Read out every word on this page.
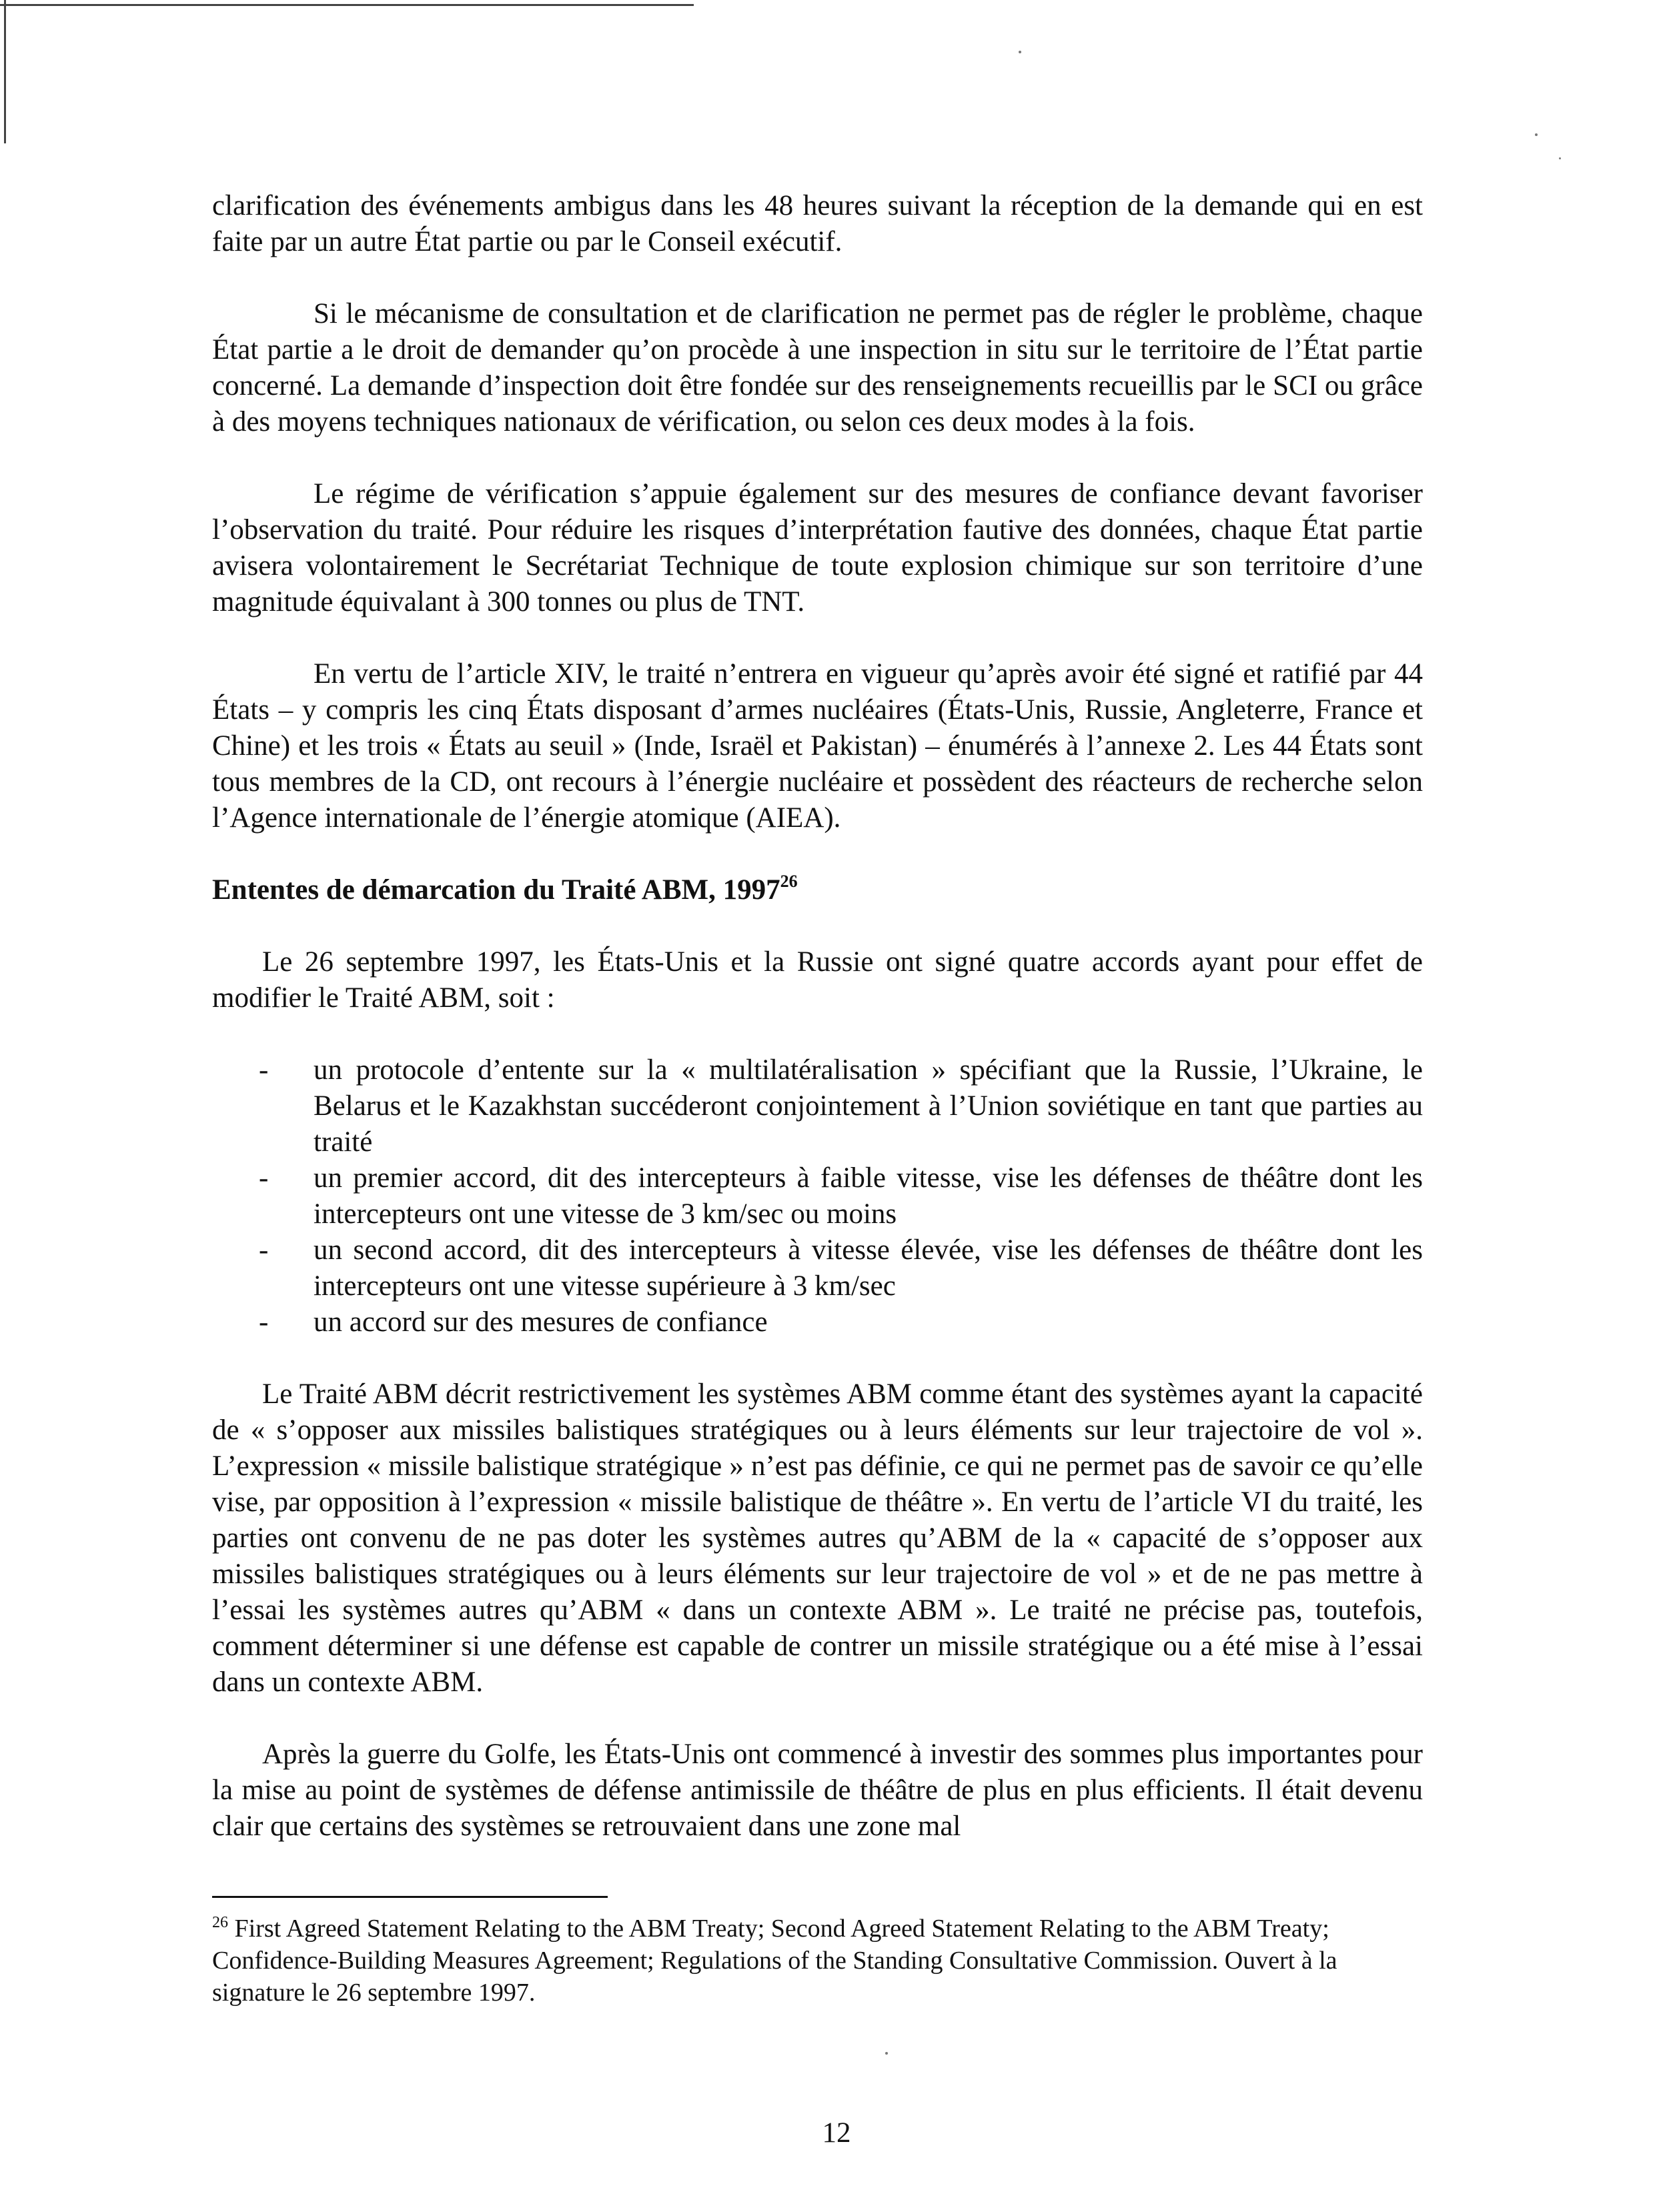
clarification des événements ambigus dans les 48 heures suivant la réception de la demande qui en est faite par un autre État partie ou par le Conseil exécutif.

Si le mécanisme de consultation et de clarification ne permet pas de régler le problème, chaque État partie a le droit de demander qu’on procède à une inspection in situ sur le territoire de l’État partie concerné. La demande d’inspection doit être fondée sur des renseignements recueillis par le SCI ou grâce à des moyens techniques nationaux de vérification, ou selon ces deux modes à la fois.

Le régime de vérification s’appuie également sur des mesures de confiance devant favoriser l’observation du traité. Pour réduire les risques d’interprétation fautive des données, chaque État partie avisera volontairement le Secrétariat Technique de toute explosion chimique sur son territoire d’une magnitude équivalant à 300 tonnes ou plus de TNT.

En vertu de l’article XIV, le traité n’entrera en vigueur qu’après avoir été signé et ratifié par 44 États – y compris les cinq États disposant d’armes nucléaires (États-Unis, Russie, Angleterre, France et Chine) et les trois « États au seuil » (Inde, Israël et Pakistan) – énumérés à l’annexe 2. Les 44 États sont tous membres de la CD, ont recours à l’énergie nucléaire et possèdent des réacteurs de recherche selon l’Agence internationale de l’énergie atomique (AIEA).

Ententes de démarcation du Traité ABM, 1997$^{26}$

Le 26 septembre 1997, les États-Unis et la Russie ont signé quatre accords ayant pour effet de modifier le Traité ABM, soit :

- un protocole d’entente sur la « multilatéralisation » spécifiant que la Russie, l’Ukraine, le Belarus et le Kazakhstan succéderont conjointement à l’Union soviétique en tant que parties au traité
- un premier accord, dit des intercepteurs à faible vitesse, vise les défenses de théâtre dont les intercepteurs ont une vitesse de 3 km/sec ou moins
- un second accord, dit des intercepteurs à vitesse élevée, vise les défenses de théâtre dont les intercepteurs ont une vitesse supérieure à 3 km/sec
- un accord sur des mesures de confiance

Le Traité ABM décrit restrictivement les systèmes ABM comme étant des systèmes ayant la capacité de « s’opposer aux missiles balistiques stratégiques ou à leurs éléments sur leur trajectoire de vol ». L’expression « missile balistique stratégique » n’est pas définie, ce qui ne permet pas de savoir ce qu’elle vise, par opposition à l’expression « missile balistique de théâtre ». En vertu de l’article VI du traité, les parties ont convenu de ne pas doter les systèmes autres qu’ABM de la « capacité de s’opposer aux missiles balistiques stratégiques ou à leurs éléments sur leur trajectoire de vol » et de ne pas mettre à l’essai les systèmes autres qu’ABM « dans un contexte ABM ». Le traité ne précise pas, toutefois, comment déterminer si une défense est capable de contrer un missile stratégique ou a été mise à l’essai dans un contexte ABM.

Après la guerre du Golfe, les États-Unis ont commencé à investir des sommes plus importantes pour la mise au point de systèmes de défense antimissile de théâtre de plus en plus efficients. Il était devenu clair que certains des systèmes se retrouvaient dans une zone mal

$^{26}$ First Agreed Statement Relating to the ABM Treaty; Second Agreed Statement Relating to the ABM Treaty; Confidence-Building Measures Agreement; Regulations of the Standing Consultative Commission. Ouvert à la signature le 26 septembre 1997.
12
